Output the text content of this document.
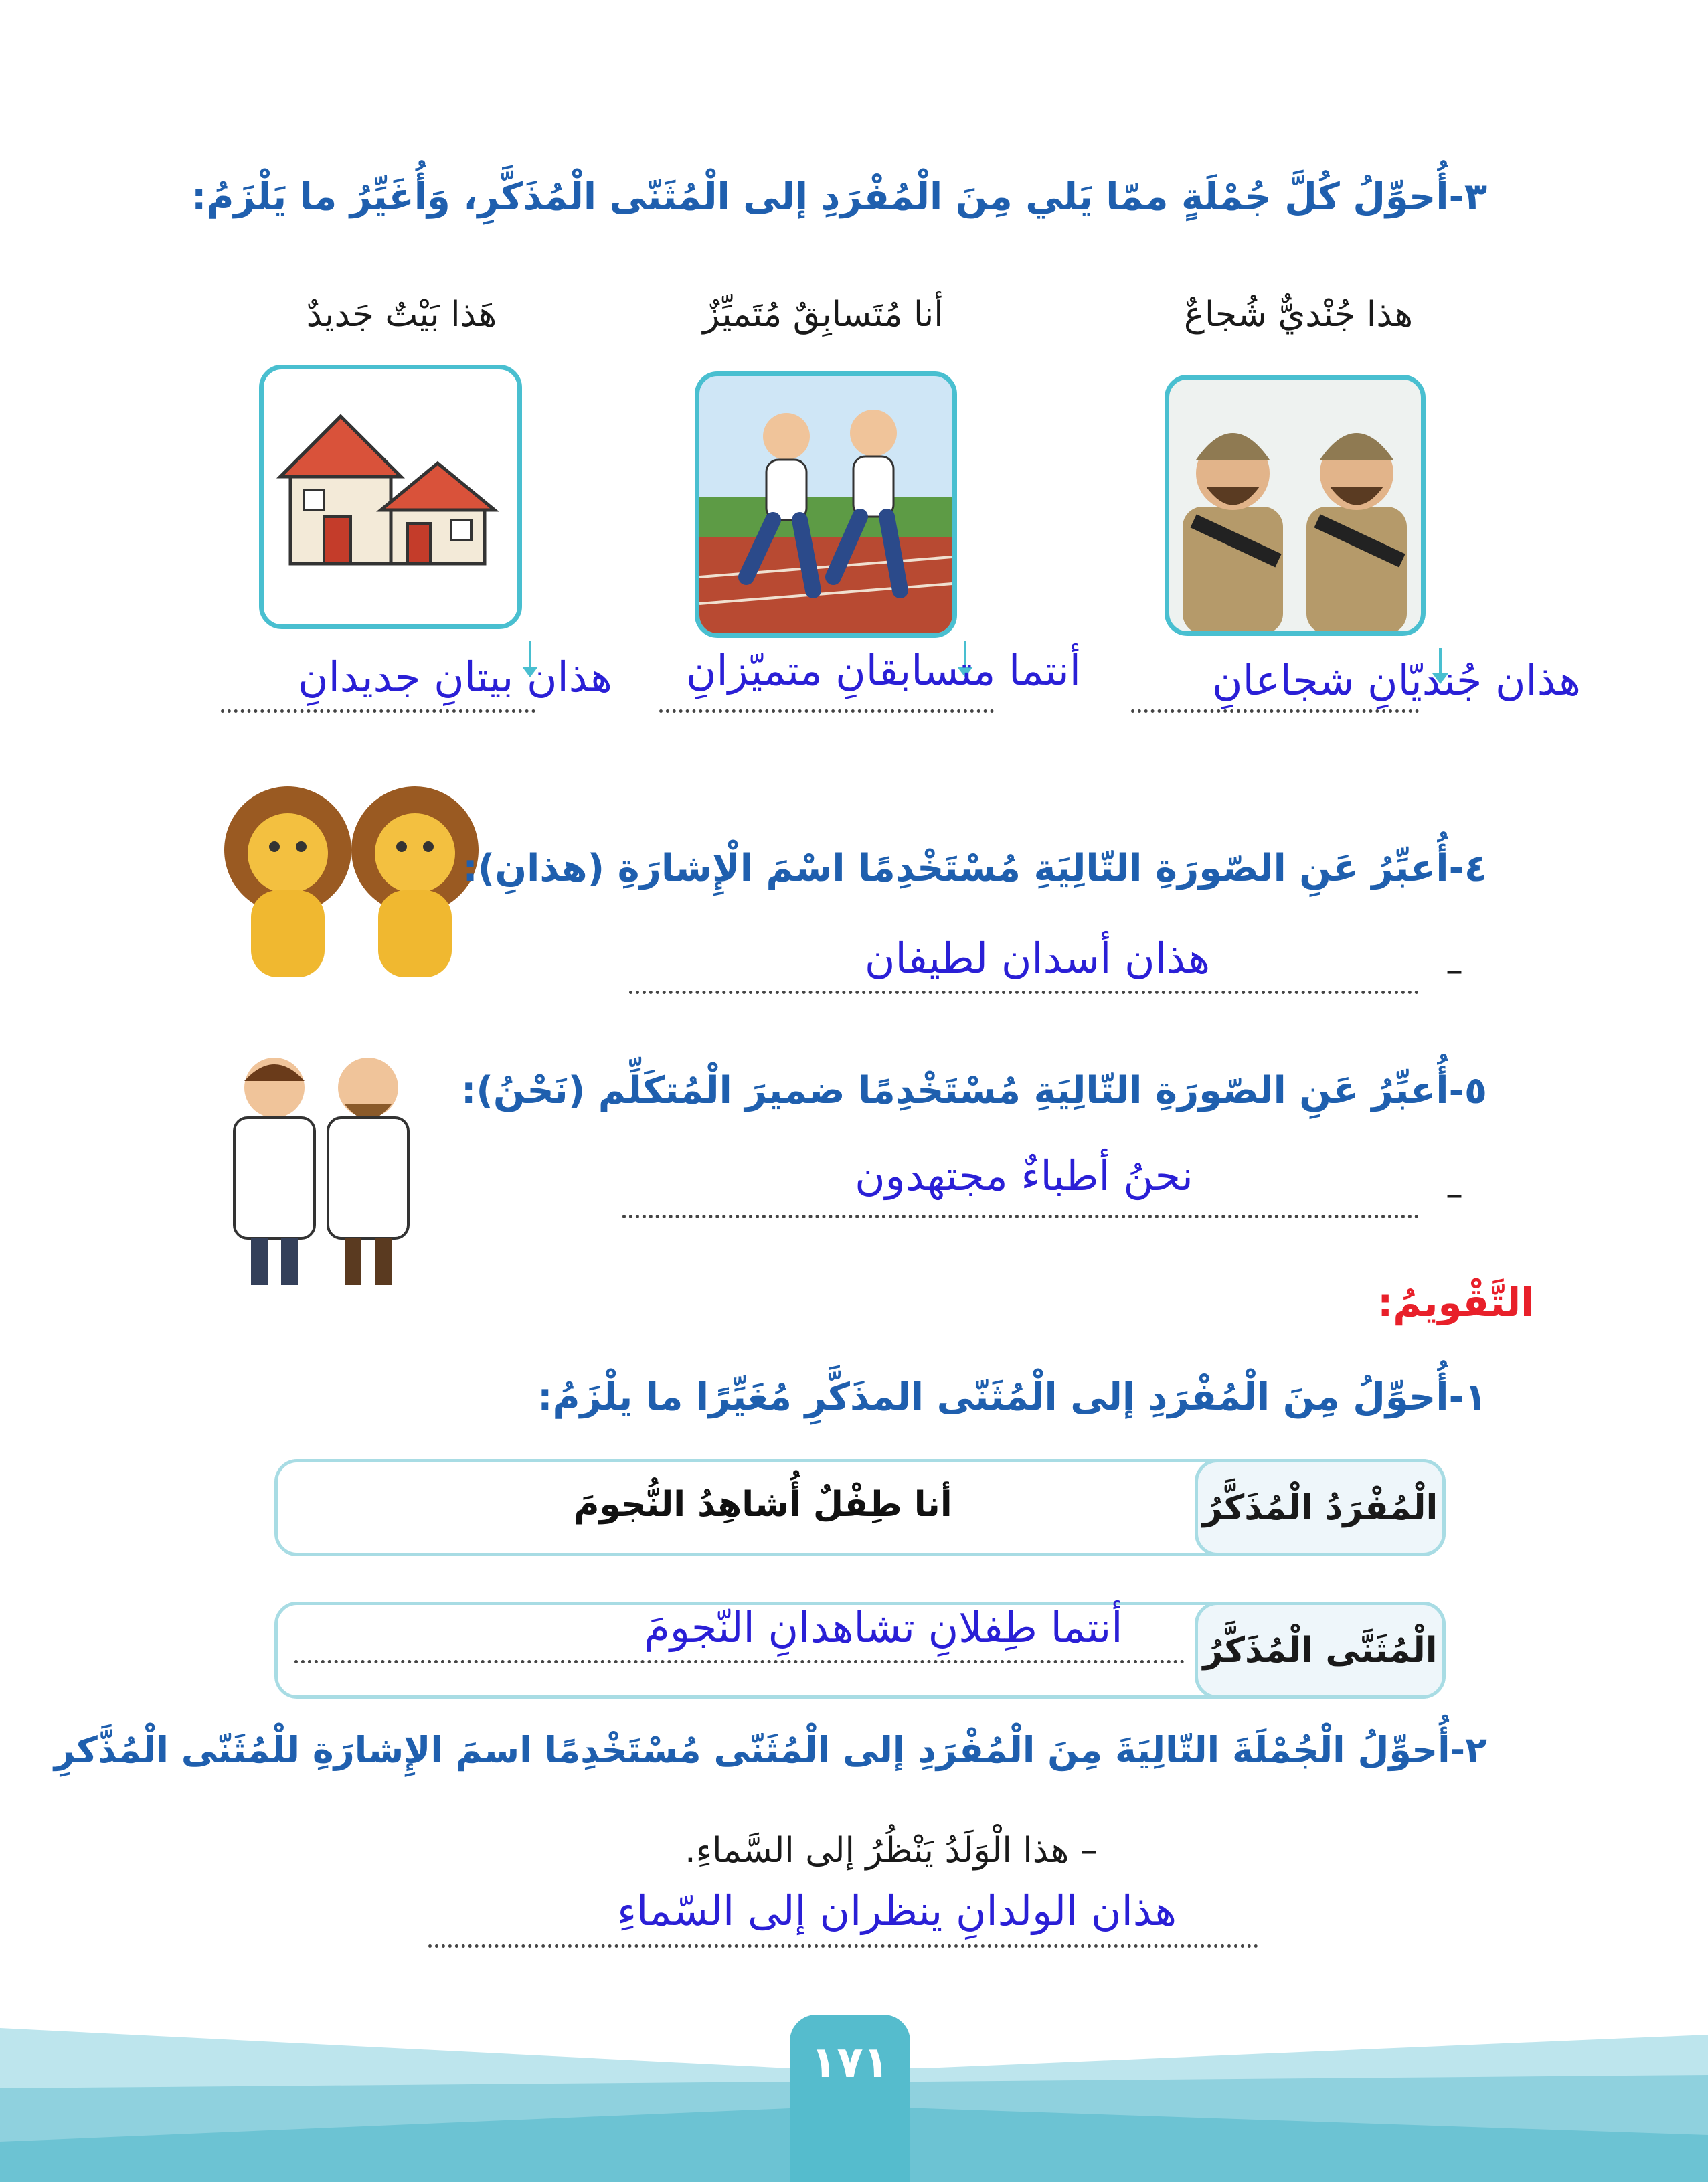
٣-أُحوِّلُ كُلَّ جُمْلَةٍ ممّا يَلي مِنَ الْمُفْرَدِ إلى الْمُثَنّى الْمُذَكَّرِ، وَأُغَيِّرُ ما يَلْزَمُ:
هذا جُنْديٌّ شُجاعٌ
أنا مُتَسابِقٌ مُتَميِّزٌ
هَذا بَيْتٌ جَديدٌ
هذان جُنديّانِ شجاعانِ
أنتما متسابقانِ متميّزانِ
هذان بيتانِ جديدانِ
٤-أُعبِّرُ عَنِ الصّورَةِ التّالِيَةِ مُسْتَخْدِمًا اسْمَ الْإِشارَةِ (هذانِ):
–
هذان أسدان لطيفان
٥-أُعبِّرُ عَنِ الصّورَةِ التّالِيَةِ مُسْتَخْدِمًا ضميرَ الْمُتكَلِّم (نَحْنُ):
–
نحنُ أطباءٌ مجتهدون
التَّقْويمُ:
١-أُحوِّلُ مِنَ الْمُفْرَدِ إلى الْمُثَنّى المذَكَّرِ مُغَيِّرًا ما يلْزَمُ:
الْمُفْرَدُ الْمُذَكَّرُ
أنا طِفْلٌ أُشاهِدُ النُّجومَ
الْمُثَنَّى الْمُذَكَّرُ
أنتما طِفلانِ تشاهدانِ النّجومَ
٢-أُحوِّلُ الْجُمْلَةَ التّالِيَةَ مِنَ الْمُفْرَدِ إلى الْمُثَنّى مُسْتَخْدِمًا اسمَ الإِشارَةِ للْمُثَنّى الْمُذَّكرِ
– هذا الْوَلَدُ يَنْظُرُ إلى السَّماءِ.
هذان الولدانِ ينظران إلى السّماءِ
١٧١
